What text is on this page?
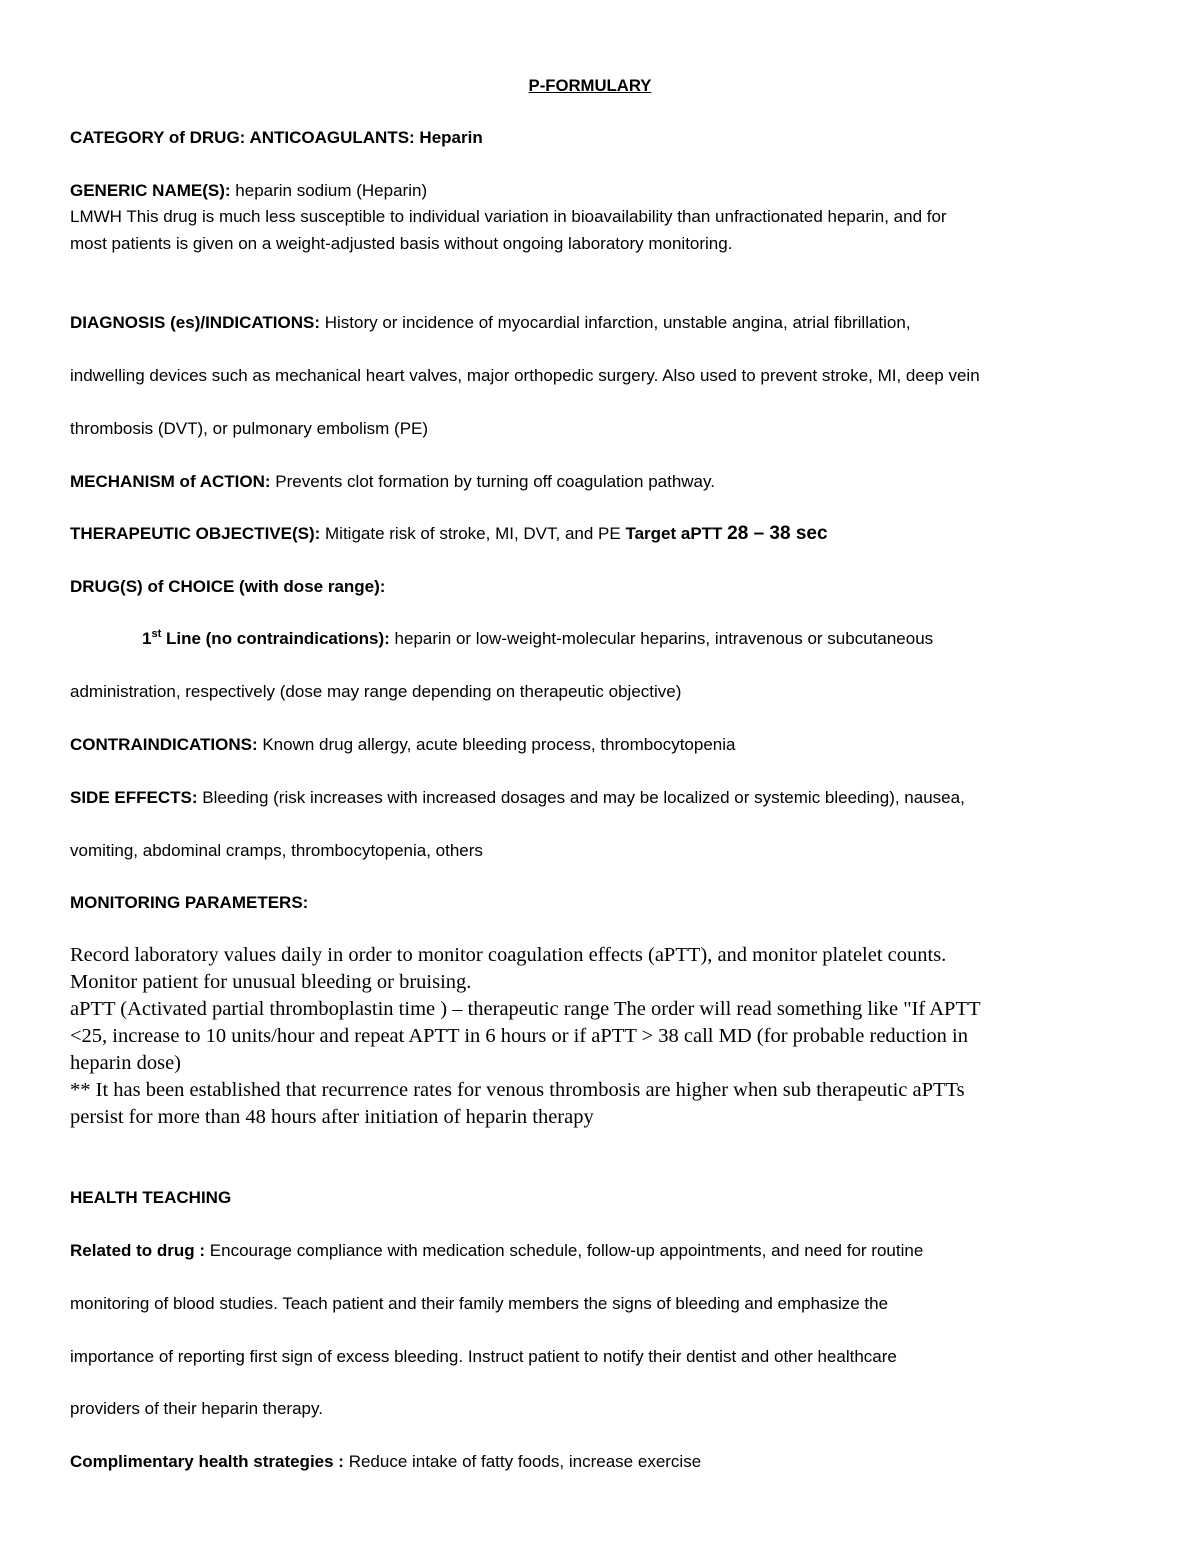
P-FORMULARY

CATEGORY of DRUG: ANTICOAGULANTS: Heparin

GENERIC NAME(S): heparin sodium (Heparin)

LMWH This drug is much less susceptible to individual variation in bioavailability than unfractionated heparin, and for

most patients is given on a weight-adjusted basis without ongoing laboratory monitoring.

DIAGNOSIS (es)/INDICATIONS: History or incidence of myocardial infarction, unstable angina, atrial fibrillation,

indwelling devices such as mechanical heart valves, major orthopedic surgery. Also used to prevent stroke, MI, deep vein

thrombosis (DVT), or pulmonary embolism (PE)

MECHANISM of ACTION: Prevents clot formation by turning off coagulation pathway.

THERAPEUTIC OBJECTIVE(S): Mitigate risk of stroke, MI, DVT, and PE Target aPTT 28 – 38 sec

DRUG(S) of CHOICE (with dose range):

1st Line (no contraindications): heparin or low-weight-molecular heparins, intravenous or subcutaneous

administration, respectively (dose may range depending on therapeutic objective)

CONTRAINDICATIONS: Known drug allergy, acute bleeding process, thrombocytopenia

SIDE EFFECTS: Bleeding (risk increases with increased dosages and may be localized or systemic bleeding), nausea,

vomiting, abdominal cramps, thrombocytopenia, others

MONITORING PARAMETERS:

Record laboratory values daily in order to monitor coagulation effects (aPTT), and monitor platelet counts.
Monitor patient for unusual bleeding or bruising.
aPTT (Activated partial thromboplastin time ) – therapeutic range The order will read something like "If APTT
<25, increase to 10 units/hour and repeat APTT in 6 hours or if aPTT > 38 call MD (for probable reduction in
heparin dose)
** It has been established that recurrence rates for venous thrombosis are higher when sub therapeutic aPTTs
persist for more than 48 hours after initiation of heparin therapy

HEALTH TEACHING

Related to drug : Encourage compliance with medication schedule, follow-up appointments, and need for routine

monitoring of blood studies. Teach patient and their family members the signs of bleeding and emphasize the

importance of reporting first sign of excess bleeding. Instruct patient to notify their dentist and other healthcare

providers of their heparin therapy.

Complimentary health strategies : Reduce intake of fatty foods, increase exercise
